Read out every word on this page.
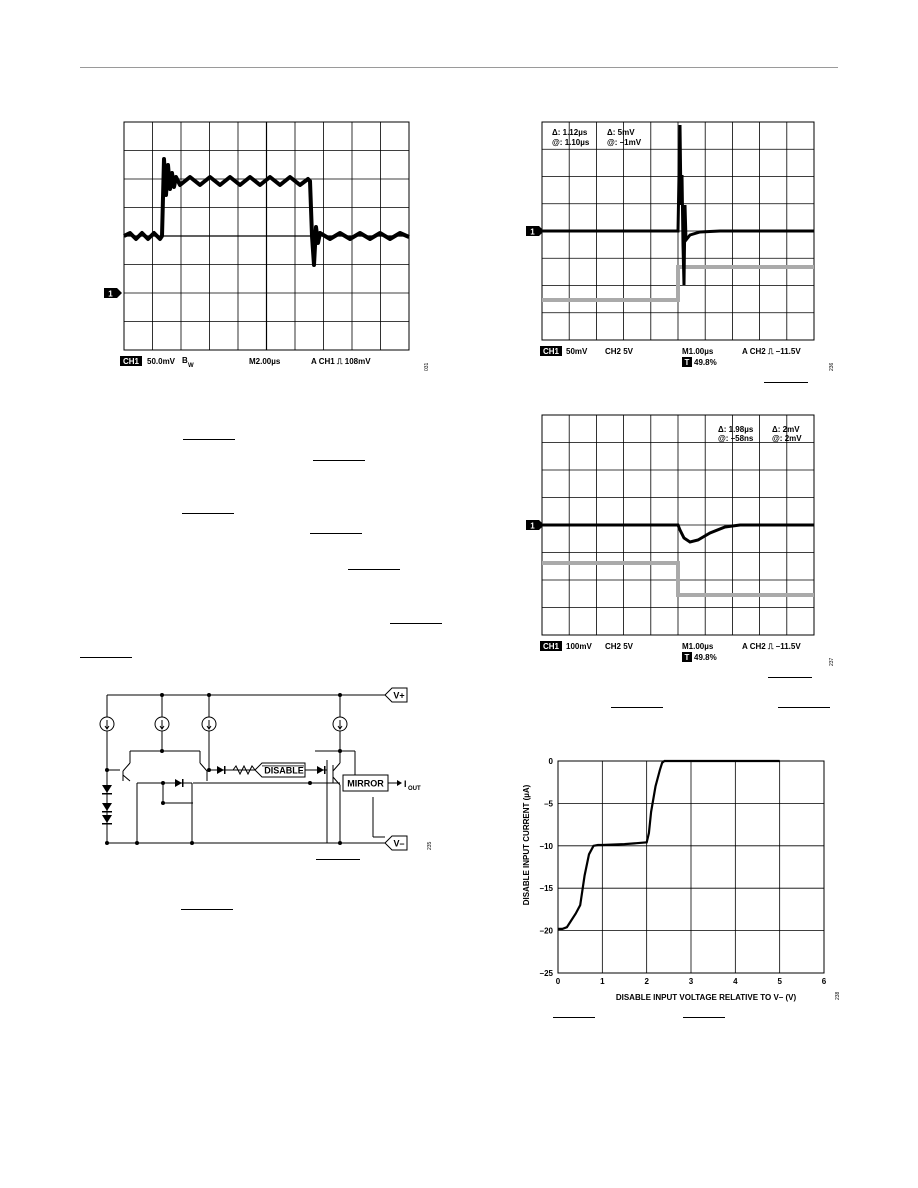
1
CH1 50.0mV B
W	M2.00µs	A CH1 ⎍ 108mV
031
DISABLE
MIRROR I OUT
V+
V–	235
Δ: 1.12µs Δ: 5mV
@: 1.10µs @: –1mV
1
CH1 50mV CH2 5V	M1.00µs	A CH2 ⎍ –11.5V
T 49.8%	236
Δ: 1.98µs Δ: 2mV
@: –58ns @: 2mV
1
CH1 100mV CH2 5V	M1.00µs	A CH2 ⎍ –11.5V
T 49.8%	237
0	1	2	3	4	5	6
0
–5
–10
–15
–20
–25
DISABLE INPUT VOLTAGE RELATIVE TO V– (V)
DISABLE INPUT CURRENT (µA)
238
